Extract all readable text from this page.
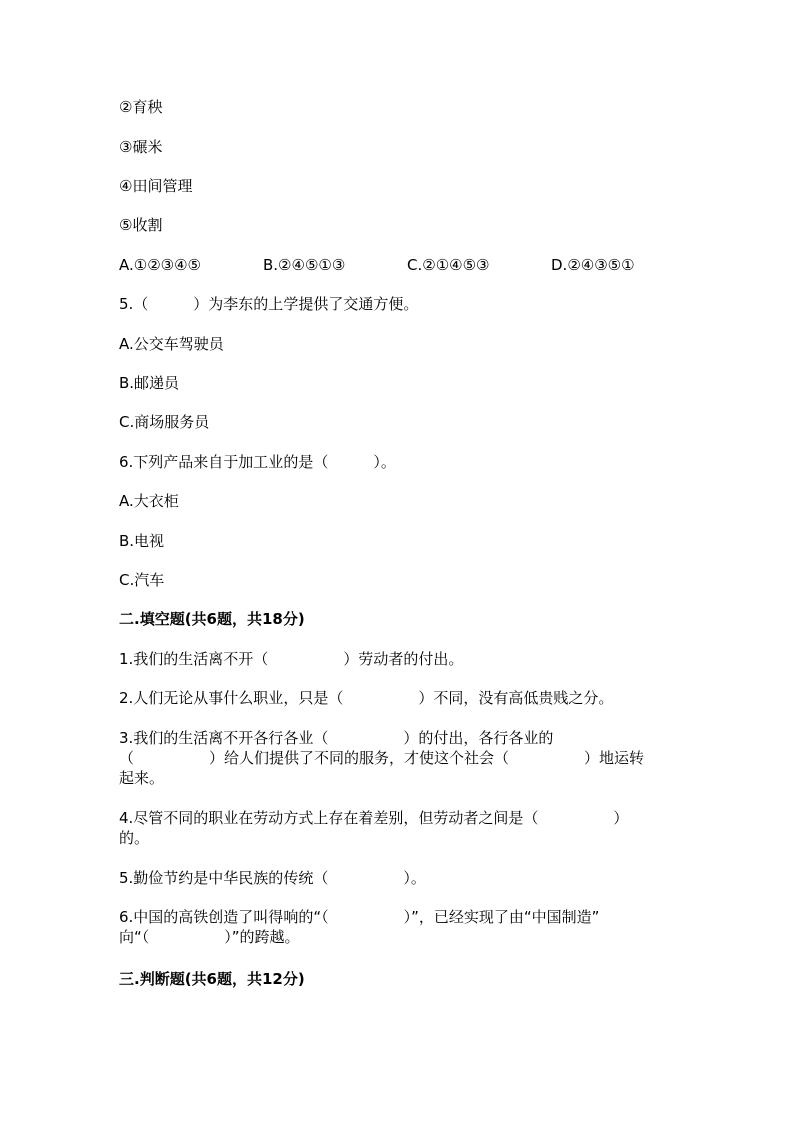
②育秧
③碾米
④田间管理
⑤收割
A.①②③④⑤	B.②④⑤①③	C.②①④⑤③	D.②④③⑤①
5.（　　　）为李东的上学提供了交通方便。
A.公交车驾驶员
B.邮递员
C.商场服务员
6.下列产品来自于加工业的是（　　　）。
A.大衣柜
B.电视
C.汽车
二.填空题(共6题，共18分)
1.我们的生活离不开（　　　　　）劳动者的付出。
2.人们无论从事什么职业，只是（　　　　　）不同，没有高低贵贱之分。
3.我们的生活离不开各行各业（　　　　　）的付出，各行各业的
（　　　　　）给人们提供了不同的服务，才使这个社会（　　　　　）地运转
起来。
4.尽管不同的职业在劳动方式上存在着差别，但劳动者之间是（　　　　　）
的。
5.勤俭节约是中华民族的传统（　　　　　）。
6.中国的高铁创造了叫得响的“（　　　　　）”，已经实现了由“中国制造”
向“（　　　　　）”的跨越。
三.判断题(共6题，共12分)
